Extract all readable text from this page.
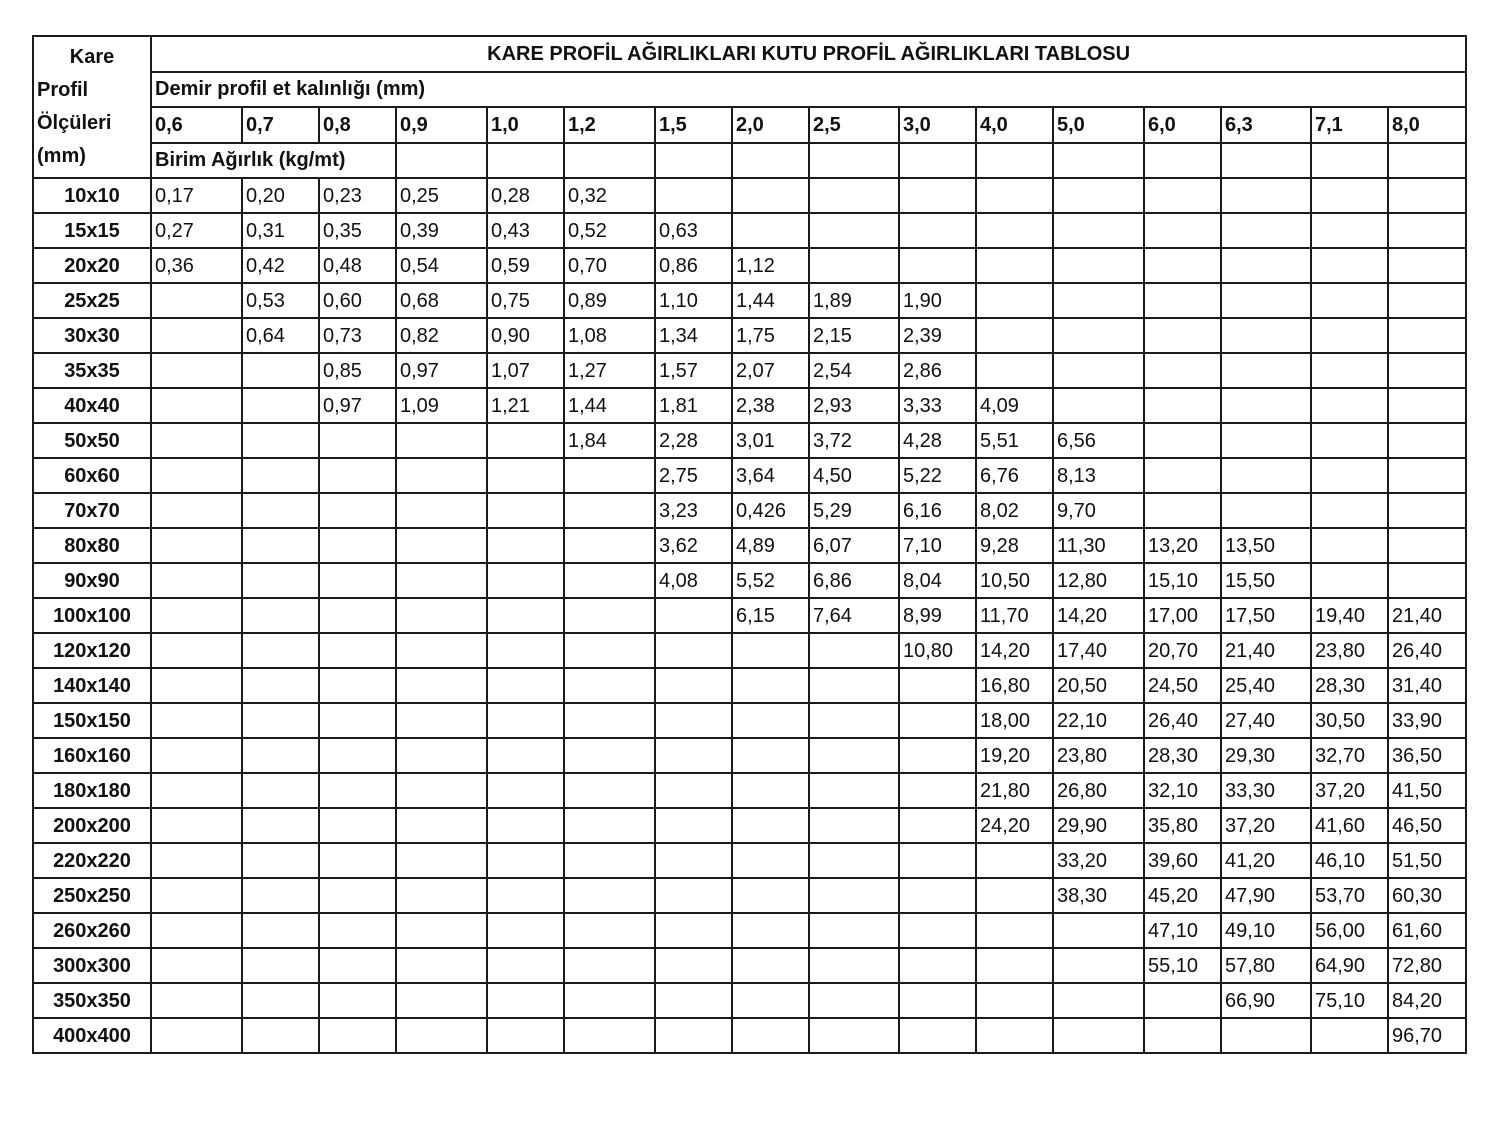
Kare
Profil
Ölçüleri
(mm)	KARE PROFİL AĞIRLIKLARI KUTU PROFİL AĞIRLIKLARI TABLOSU															
	Demir profil et kalınlığı (mm)															
	0,6	0,7	0,8	0,9	1,0	1,2	1,5	2,0	2,5	3,0	4,0	5,0	6,0	6,3	7,1	8,0
	Birim Ağırlık (kg/mt)															
10x10	0,17	0,20	0,23	0,25	0,28	0,32										
15x15	0,27	0,31	0,35	0,39	0,43	0,52	0,63									
20x20	0,36	0,42	0,48	0,54	0,59	0,70	0,86	1,12								
25x25		0,53	0,60	0,68	0,75	0,89	1,10	1,44	1,89	1,90						
30x30		0,64	0,73	0,82	0,90	1,08	1,34	1,75	2,15	2,39						
35x35			0,85	0,97	1,07	1,27	1,57	2,07	2,54	2,86						
40x40			0,97	1,09	1,21	1,44	1,81	2,38	2,93	3,33	4,09					
50x50						1,84	2,28	3,01	3,72	4,28	5,51	6,56				
60x60							2,75	3,64	4,50	5,22	6,76	8,13				
70x70							3,23	0,426	5,29	6,16	8,02	9,70				
80x80							3,62	4,89	6,07	7,10	9,28	11,30	13,20	13,50		
90x90							4,08	5,52	6,86	8,04	10,50	12,80	15,10	15,50		
100x100								6,15	7,64	8,99	11,70	14,20	17,00	17,50	19,40	21,40
120x120										10,80	14,20	17,40	20,70	21,40	23,80	26,40
140x140											16,80	20,50	24,50	25,40	28,30	31,40
150x150											18,00	22,10	26,40	27,40	30,50	33,90
160x160											19,20	23,80	28,30	29,30	32,70	36,50
180x180											21,80	26,80	32,10	33,30	37,20	41,50
200x200											24,20	29,90	35,80	37,20	41,60	46,50
220x220												33,20	39,60	41,20	46,10	51,50
250x250												38,30	45,20	47,90	53,70	60,30
260x260													47,10	49,10	56,00	61,60
300x300													55,10	57,80	64,90	72,80
350x350														66,90	75,10	84,20
400x400																96,70
